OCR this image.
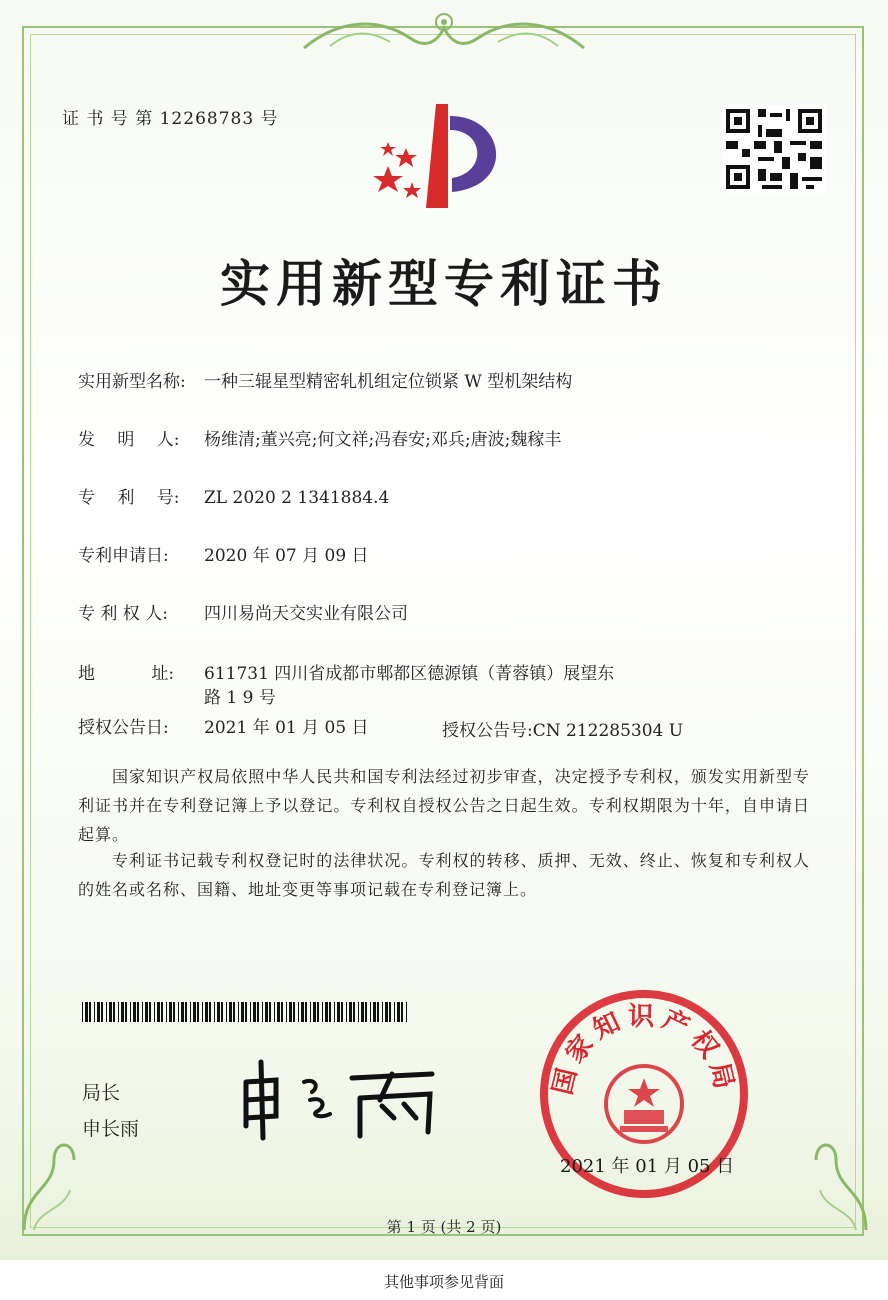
证 书 号 第 12268783 号
实用新型专利证书
实用新型名称: 一种三辊星型精密轧机组定位锁紧 W 型机架结构
发　 明　 人: 杨维清;董兴亮;何文祥;冯春安;邓兵;唐波;魏稼丰
专　 利　 号: ZL 2020 2 1341884.4
专利申请日: 2020 年 07 月 09 日
专 利 权 人: 四川易尚天交实业有限公司
地　　　 址: 611731 四川省成都市郫都区德源镇（菁蓉镇）展望东路 1 9 号
授权公告日: 2021 年 01 月 05 日	授权公告号:CN 212285304 U
国家知识产权局依照中华人民共和国专利法经过初步审查，决定授予专利权，颁发实用新型专利证书并在专利登记簿上予以登记。专利权自授权公告之日起生效。专利权期限为十年，自申请日起算。
专利证书记载专利权登记时的法律状况。专利权的转移、质押、无效、终止、恢复和专利权人的姓名或名称、国籍、地址变更等事项记载在专利登记簿上。
局长
申长雨
国家知识产权局
2021 年 01 月 05 日
第 1 页 (共 2 页)
其他事项参见背面
